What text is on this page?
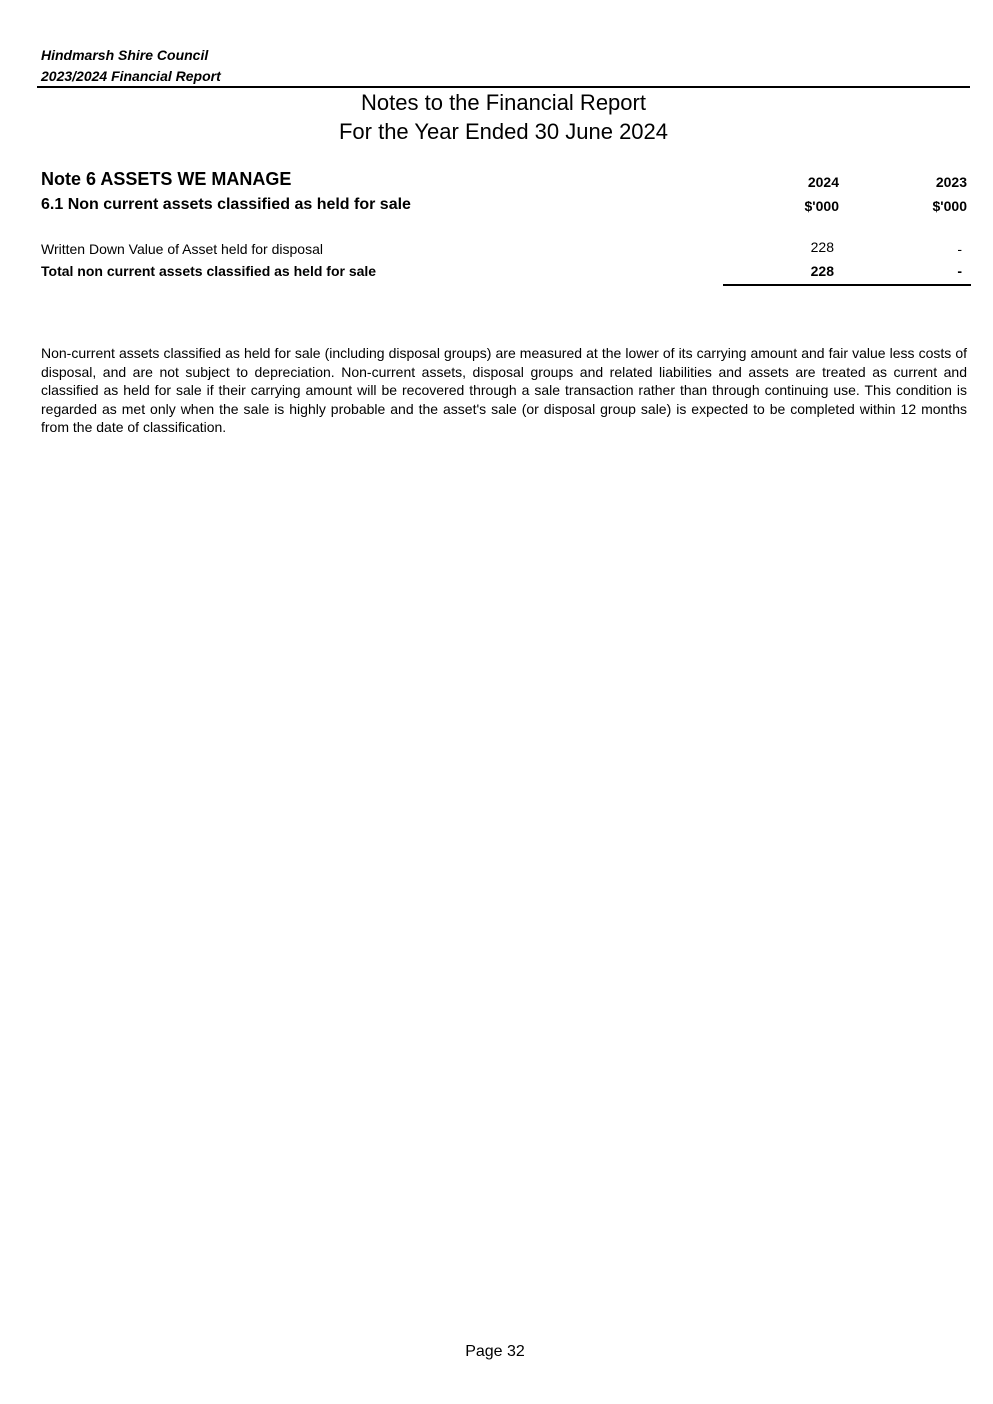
Hindmarsh Shire Council
2023/2024 Financial Report
Notes to the Financial Report
For the Year Ended 30 June 2024
Note 6 ASSETS WE MANAGE
6.1 Non current assets classified as held for sale
2024	2023
$'000	$'000
Written Down Value of Asset held for disposal	228	-
Total non current assets classified as held for sale	228	-

Non-current assets classified as held for sale (including disposal groups) are measured at the lower of its carrying amount and fair value less costs of disposal, and are not subject to depreciation. Non-current assets, disposal groups and related liabilities and assets are treated as current and classified as held for sale if their carrying amount will be recovered through a sale transaction rather than through continuing use. This condition is regarded as met only when the sale is highly probable and the asset's sale (or disposal group sale) is expected to be completed within 12 months from the date of classification.

Page 32
